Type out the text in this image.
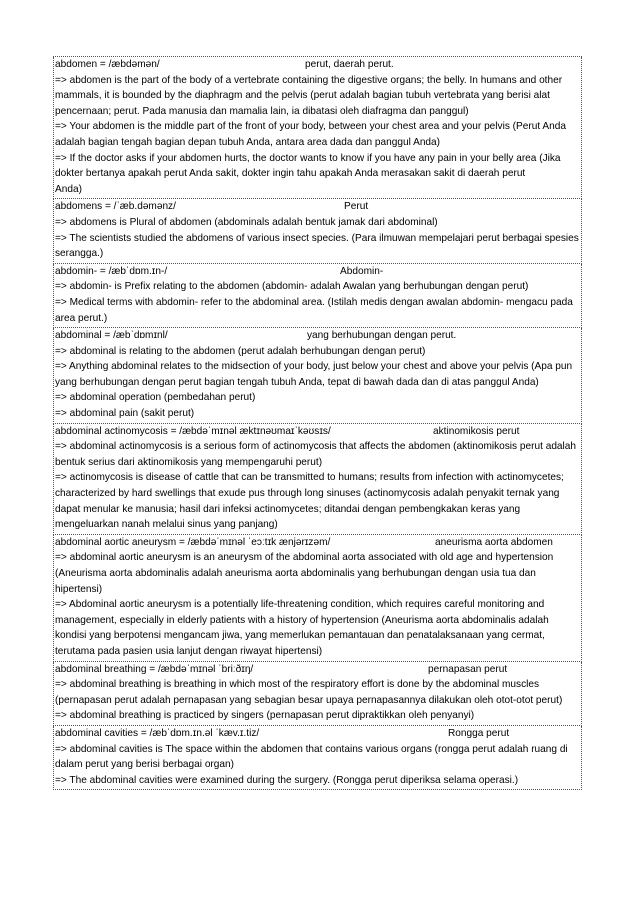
abdomen = /æbdəmən/	perut, daerah perut.
=> abdomen is the part of the body of a vertebrate containing the digestive organs; the belly. In humans and other mammals, it is bounded by the diaphragm and the pelvis (perut adalah bagian tubuh vertebrata yang berisi alat pencernaan; perut. Pada manusia dan mamalia lain, ia dibatasi oleh diafragma dan panggul)
=> Your abdomen is the middle part of the front of your body, between your chest area and your pelvis (Perut Anda adalah bagian tengah bagian depan tubuh Anda, antara area dada dan panggul Anda)
=> If the doctor asks if your abdomen hurts, the doctor wants to know if you have any pain in your belly area (Jika dokter bertanya apakah perut Anda sakit, dokter ingin tahu apakah Anda merasakan sakit di daerah perut
Anda)
abdomens = /ˈæb.dəmənz/	Perut
=> abdomens is Plural of abdomen (abdominals adalah bentuk jamak dari abdominal)
=> The scientists studied the abdomens of various insect species. (Para ilmuwan mempelajari perut berbagai spesies serangga.)
abdomin- = /æbˈdɒm.ɪn-/	Abdomin-
=> abdomin- is Prefix relating to the abdomen (abdomin- adalah Awalan yang berhubungan dengan perut)
=> Medical terms with abdomin- refer to the abdominal area. (Istilah medis dengan awalan abdomin- mengacu pada area perut.)
abdominal = /æbˈdɒmɪnl/	yang berhubungan dengan perut.
=> abdominal is relating to the abdomen (perut adalah berhubungan dengan perut)
=> Anything abdominal relates to the midsection of your body, just below your chest and above your pelvis (Apa pun yang berhubungan dengan perut bagian tengah tubuh Anda, tepat di bawah dada dan di atas panggul Anda)
=> abdominal operation (pembedahan perut)
=> abdominal pain (sakit perut)
abdominal actinomycosis = /æbdəˈmɪnəl æktɪnəʊmaɪˈkəʊsɪs/	aktinomikosis perut
=> abdominal actinomycosis is a serious form of actinomycosis that affects the abdomen (aktinomikosis perut adalah bentuk serius dari aktinomikosis yang mempengaruhi perut)
=> actinomycosis is disease of cattle that can be transmitted to humans; results from infection with actinomycetes; characterized by hard swellings that exude pus through long sinuses (actinomycosis adalah penyakit ternak yang dapat menular ke manusia; hasil dari infeksi actinomycetes; ditandai dengan pembengkakan keras yang mengeluarkan nanah melalui sinus yang panjang)
abdominal aortic aneurysm = /æbdəˈmɪnəl ˈeɔːtɪk ænjərɪzəm/	aneurisma aorta abdomen
=> abdominal aortic aneurysm is an aneurysm of the abdominal aorta associated with old age and hypertension (Aneurisma aorta abdominalis adalah aneurisma aorta abdominalis yang berhubungan dengan usia tua dan hipertensi)
=> Abdominal aortic aneurysm is a potentially life-threatening condition, which requires careful monitoring and management, especially in elderly patients with a history of hypertension (Aneurisma aorta abdominalis adalah kondisi yang berpotensi mengancam jiwa, yang memerlukan pemantauan dan penatalaksanaan yang cermat, terutama pada pasien usia lanjut dengan riwayat hipertensi)
abdominal breathing = /æbdəˈmɪnəl ˈbriːðɪŋ/	pernapasan perut
=> abdominal breathing is breathing in which most of the respiratory effort is done by the abdominal muscles (pernapasan perut adalah pernapasan yang sebagian besar upaya pernapasannya dilakukan oleh otot-otot perut)
=> abdominal breathing is practiced by singers (pernapasan perut dipraktikkan oleh penyanyi)
abdominal cavities = /æbˈdɒm.ɪn.əl ˈkæv.ɪ.tiz/	Rongga perut
=> abdominal cavities is The space within the abdomen that contains various organs (rongga perut adalah ruang di dalam perut yang berisi berbagai organ)
=> The abdominal cavities were examined during the surgery. (Rongga perut diperiksa selama operasi.)
